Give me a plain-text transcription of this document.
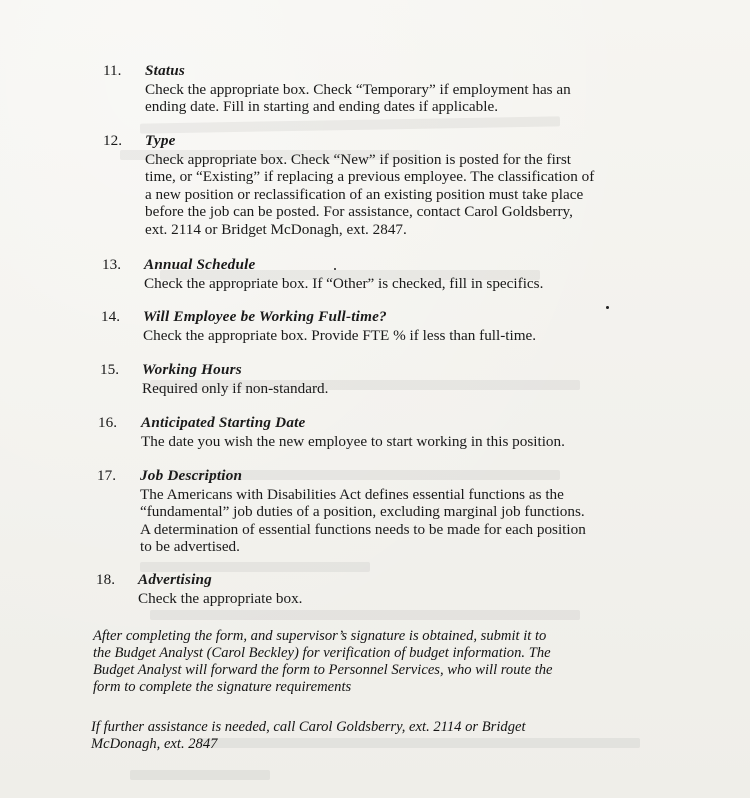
11.	Status
Check the appropriate box. Check “Temporary” if employment has an
ending date. Fill in starting and ending dates if applicable.
12.	Type
Check appropriate box. Check “New” if position is posted for the first
time, or “Existing” if replacing a previous employee. The classification of
a new position or reclassification of an existing position must take place
before the job can be posted. For assistance, contact Carol Goldsberry,
ext. 2114 or Bridget McDonagh, ext. 2847.
13.	Annual Schedule
Check the appropriate box. If “Other” is checked, fill in specifics.
14.	Will Employee be Working Full-time?
Check the appropriate box. Provide FTE % if less than full-time.
15.	Working Hours
Required only if non-standard.
16.	Anticipated Starting Date
The date you wish the new employee to start working in this position.
17.	Job Description
The Americans with Disabilities Act defines essential functions as the
“fundamental” job duties of a position, excluding marginal job functions.
A determination of essential functions needs to be made for each position
to be advertised.
18.	Advertising
Check the appropriate box.
After completing the form, and supervisor’s signature is obtained, submit it to
the Budget Analyst (Carol Beckley) for verification of budget information. The
Budget Analyst will forward the form to Personnel Services, who will route the
form to complete the signature requirements
If further assistance is needed, call Carol Goldsberry, ext. 2114 or Bridget
McDonagh, ext. 2847
